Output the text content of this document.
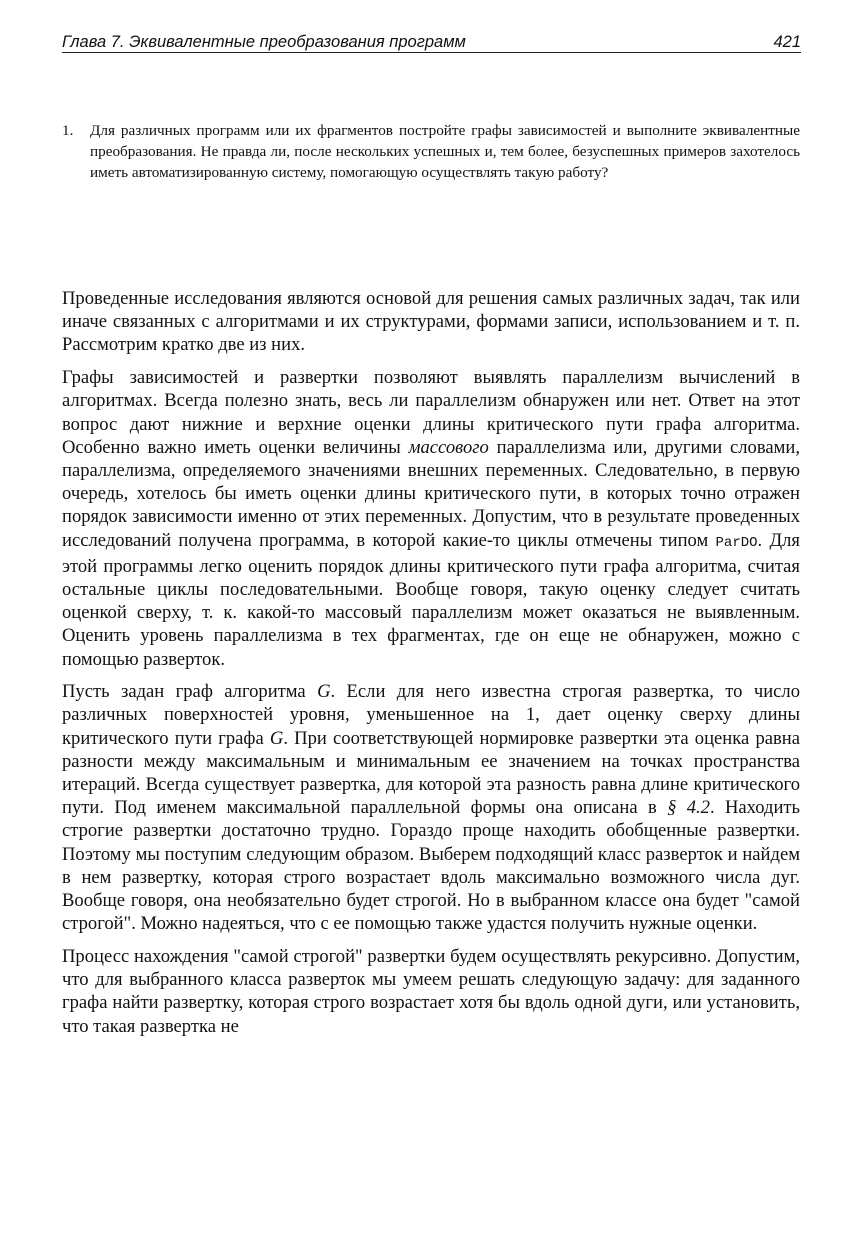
Глава 7. Эквивалентные преобразования программ	421
1. Для различных программ или их фрагментов постройте графы зависимостей и выполните эквивалентные преобразования. Не правда ли, после нескольких успешных и, тем более, безуспешных примеров захотелось иметь автоматизированную систему, помогающую осуществлять такую работу?

Проведенные исследования являются основой для решения самых различных задач, так или иначе связанных с алгоритмами и их структурами, формами записи, использованием и т. п. Рассмотрим кратко две из них.

Графы зависимостей и развертки позволяют выявлять параллелизм вычислений в алгоритмах. Всегда полезно знать, весь ли параллелизм обнаружен или нет. Ответ на этот вопрос дают нижние и верхние оценки длины критического пути графа алгоритма. Особенно важно иметь оценки величины массового параллелизма или, другими словами, параллелизма, определяемого значениями внешних переменных. Следовательно, в первую очередь, хотелось бы иметь оценки длины критического пути, в которых точно отражен порядок зависимости именно от этих переменных. Допустим, что в результате проведенных исследований получена программа, в которой какие-то циклы отмечены типом ParDO. Для этой программы легко оценить порядок длины критического пути графа алгоритма, считая остальные циклы последовательными. Вообще говоря, такую оценку следует считать оценкой сверху, т. к. какой-то массовый параллелизм может оказаться не выявленным. Оценить уровень параллелизма в тех фрагментах, где он еще не обнаружен, можно с помощью разверток.

Пусть задан граф алгоритма G. Если для него известна строгая развертка, то число различных поверхностей уровня, уменьшенное на 1, дает оценку сверху длины критического пути графа G. При соответствующей нормировке развертки эта оценка равна разности между максимальным и минимальным ее значением на точках пространства итераций. Всегда существует развертка, для которой эта разность равна длине критического пути. Под именем максимальной параллельной формы она описана в § 4.2. Находить строгие развертки достаточно трудно. Гораздо проще находить обобщенные развертки. Поэтому мы поступим следующим образом. Выберем подходящий класс разверток и найдем в нем развертку, которая строго возрастает вдоль максимально возможного числа дуг. Вообще говоря, она необязательно будет строгой. Но в выбранном классе она будет "самой строгой". Можно надеяться, что с ее помощью также удастся получить нужные оценки.

Процесс нахождения "самой строгой" развертки будем осуществлять рекурсивно. Допустим, что для выбранного класса разверток мы умеем решать следующую задачу: для заданного графа найти развертку, которая строго возрастает хотя бы вдоль одной дуги, или установить, что такая развертка не
